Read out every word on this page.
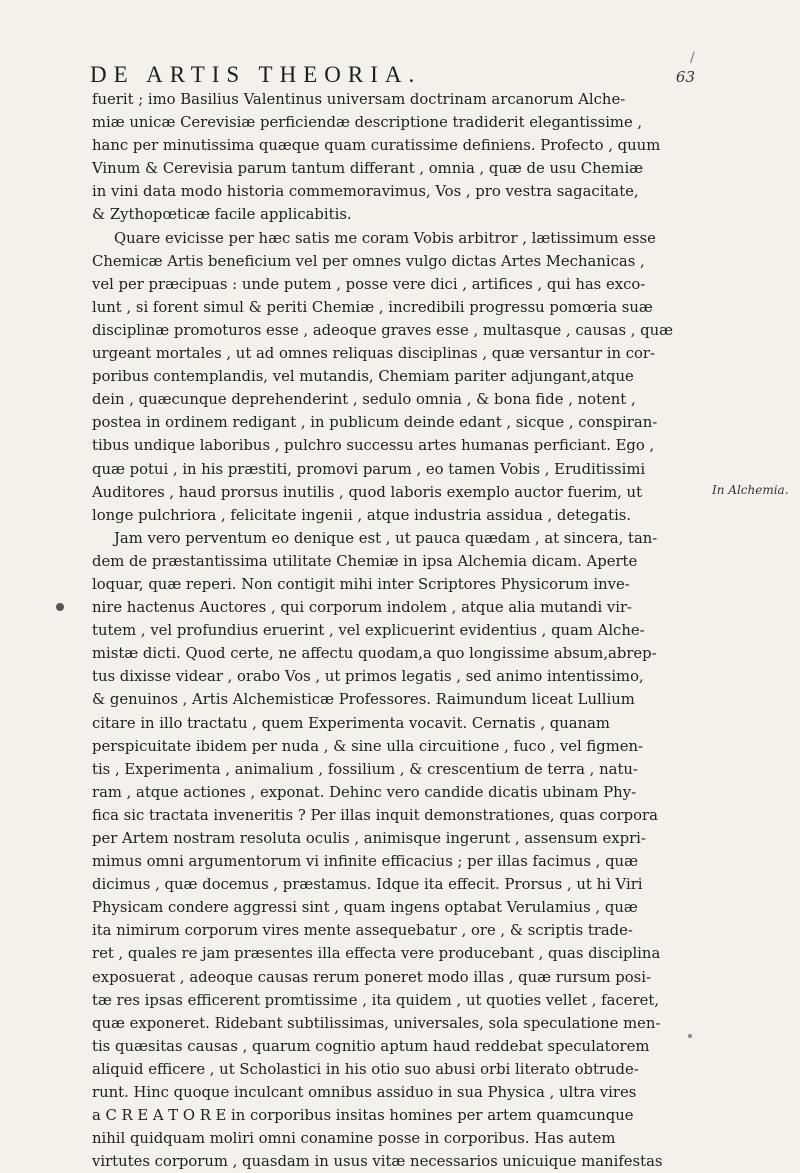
/
DE ARTIS THEORIA.	63
fuerit ; imo Basilius Valentinus universam doctrinam arcanorum Alche-
miæ unicæ Cerevisiæ perficiendæ descriptione tradiderit elegantissime ,
hanc per minutissima quæque quam curatissime definiens. Profecto , quum
Vinum & Cerevisia parum tantum differant , omnia , quæ de usu Chemiæ
in vini data modo historia commemoravimus, Vos , pro vestra sagacitate,
& Zythopœticæ facile applicabitis.
Quare evicisse per hæc satis me coram Vobis arbitror , lætissimum esse
Chemicæ Artis beneficium vel per omnes vulgo dictas Artes Mechanicas ,
vel per præcipuas : unde putem , posse vere dici , artifices , qui has exco-
lunt , si forent simul & periti Chemiæ , incredibili progressu pomœria suæ
disciplinæ promoturos esse , adeoque graves esse , multasque , causas , quæ
urgeant mortales , ut ad omnes reliquas disciplinas , quæ versantur in cor-
poribus contemplandis, vel mutandis, Chemiam pariter adjungant,atque
dein , quæcunque deprehenderint , sedulo omnia , & bona fide , notent ,
postea in ordinem redigant , in publicum deinde edant , sicque , conspiran-
tibus undique laboribus , pulchro successu artes humanas perficiant. Ego ,
quæ potui , in his præstiti, promovi parum , eo tamen Vobis , Eruditissimi
Auditores , haud prorsus inutilis , quod laboris exemplo auctor fuerim, ut
longe pulchriora , felicitate ingenii , atque industria assidua , detegatis.
Jam vero perventum eo denique est , ut pauca quædam , at sincera, tan-
dem de præstantissima utilitate Chemiæ in ipsa Alchemia dicam. Aperte
loquar, quæ reperi. Non contigit mihi inter Scriptores Physicorum inve-
nire hactenus Auctores , qui corporum indolem , atque alia mutandi vir-
tutem , vel profundius eruerint , vel explicuerint evidentius , quam Alche-
mistæ dicti. Quod certe, ne affectu quodam,a quo longissime absum,abrep-
tus dixisse videar , orabo Vos , ut primos legatis , sed animo intentissimo,
& genuinos , Artis Alchemisticæ Professores. Raimundum liceat Lullium
citare in illo tractatu , quem Experimenta vocavit. Cernatis , quanam
perspicuitate ibidem per nuda , & sine ulla circuitione , fuco , vel figmen-
tis , Experimenta , animalium , fossilium , & crescentium de terra , natu-
ram , atque actiones , exponat. Dehinc vero candide dicatis ubinam Phy-
fica sic tractata inveneritis ? Per illas inquit demonstrationes, quas corpora
per Artem nostram resoluta oculis , animisque ingerunt , assensum expri-
mimus omni argumentorum vi infinite efficacius ; per illas facimus , quæ
dicimus , quæ docemus , præstamus. Idque ita effecit. Prorsus , ut hi Viri
Physicam condere aggressi sint , quam ingens optabat Verulamius , quæ
ita nimirum corporum vires mente assequebatur , ore , & scriptis trade-
ret , quales re jam præsentes illa effecta vere producebant , quas disciplina
exposuerat , adeoque causas rerum poneret modo illas , quæ rursum posi-
tæ res ipsas efficerent promtissime , ita quidem , ut quoties vellet , faceret,
quæ exponeret. Ridebant subtilissimas, universales, sola speculatione men-
tis quæsitas causas , quarum cognitio aptum haud reddebat speculatorem
aliquid efficere , ut Scholastici in his otio suo abusi orbi literato obtrude-
runt. Hinc quoque inculcant omnibus assiduo in sua Physica , ultra vires
a C R E A T O R E in corporibus insitas homines per artem quamcunque
nihil quidquam moliri omni conamine posse in corporibus. Has autem
virtutes corporum , quasdam in usus vitæ necessarios unicuique manifestas
In Alchemia.
